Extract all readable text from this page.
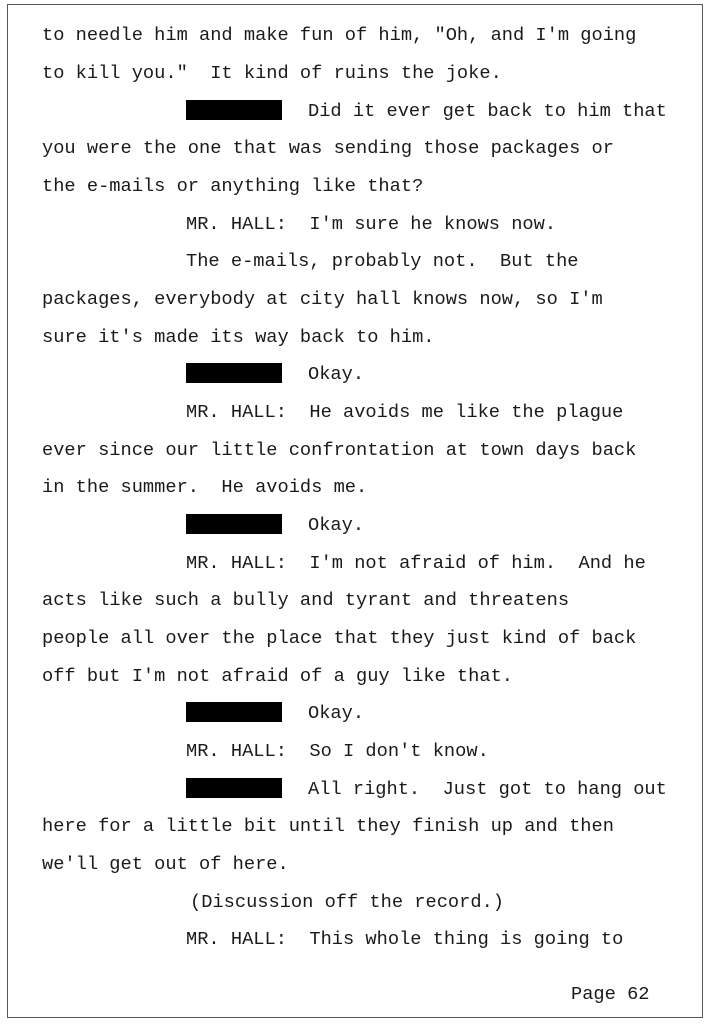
to needle him and make fun of him, "Oh, and I'm going
to kill you."  It kind of ruins the joke.
Did it ever get back to him that
you were the one that was sending those packages or
the e-mails or anything like that?
MR. HALL:  I'm sure he knows now.
The e-mails, probably not.  But the
packages, everybody at city hall knows now, so I'm
sure it's made its way back to him.
Okay.
MR. HALL:  He avoids me like the plague
ever since our little confrontation at town days back
in the summer.  He avoids me.
Okay.
MR. HALL:  I'm not afraid of him.  And he
acts like such a bully and tyrant and threatens
people all over the place that they just kind of back
off but I'm not afraid of a guy like that.
Okay.
MR. HALL:  So I don't know.
All right.  Just got to hang out
here for a little bit until they finish up and then
we'll get out of here.
(Discussion off the record.)
MR. HALL:  This whole thing is going to
Page 62
